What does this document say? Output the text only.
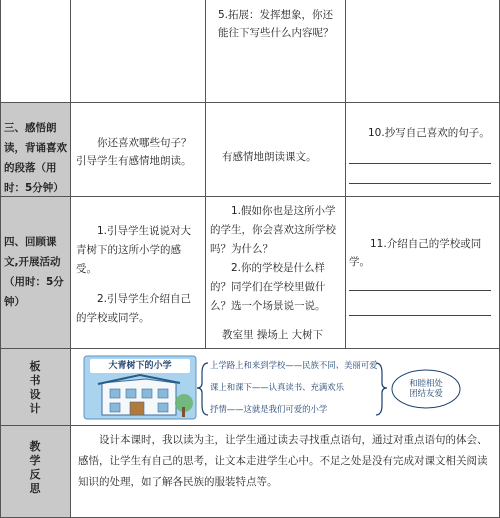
5.拓展：发挥想象，你还能往下写些什么内容呢？
三、感悟朗读，背诵喜欢的段落（用时：5分钟）
你还喜欢哪些句子？引导学生有感情地朗读。	有感情地朗读课文。
10.抄写自己喜欢的句子。
四、回顾课文,开展活动（用时：5分钟）
1.引导学生说说对大青树下的这所小学的感受。
2.引导学生介绍自己的学校或同学。
1.假如你也是这所小学的学生，你会喜欢这所学校吗？为什么？
2.你的学校是什么样的？同学们在学校里做什么？选一个场景说一说。
教室里 操场上 大树下
11.介绍自己的学校或同学。
板书设计
大青树下的小学	上学路上和来到学校——民族不同、美丽可爱
课上和课下——认真读书、充满欢乐
抒情——这就是我们可爱的小学
和睦相处 团结友爱
教学反思
设计本课时，我以读为主，让学生通过读去寻找重点语句，通过对重点语句的体会、感悟，让学生有自己的思考，让文本走进学生心中。不足之处是没有完成对课文相关阅读知识的处理，如了解各民族的服装特点等。
